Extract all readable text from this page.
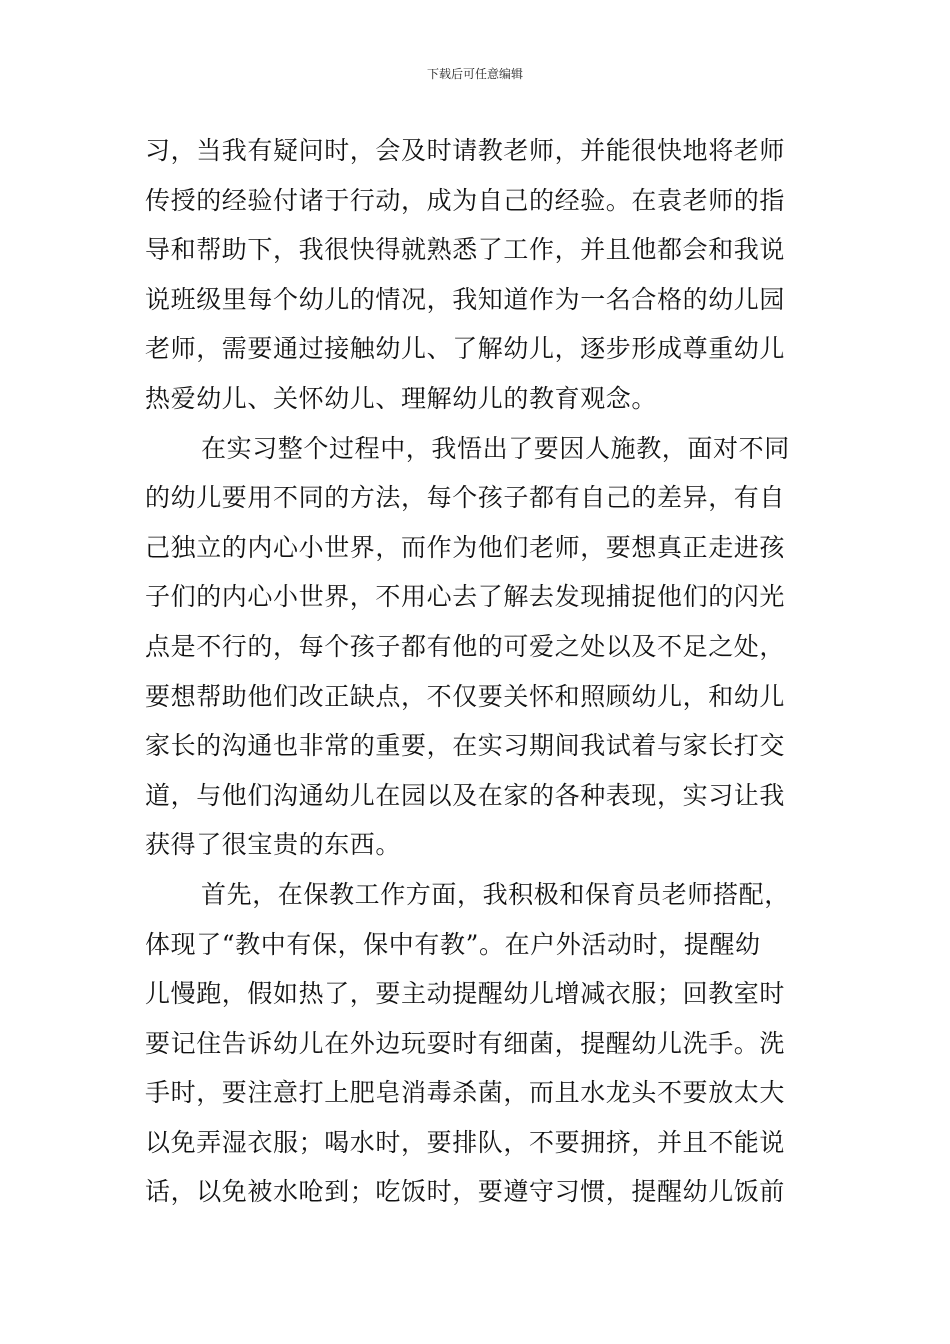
下载后可任意编辑
习，当我有疑问时，会及时请教老师，并能很快地将老师
传授的经验付诸于行动，成为自己的经验。在袁老师的指
导和帮助下，我很快得就熟悉了工作，并且他都会和我说
说班级里每个幼儿的情况，我知道作为一名合格的幼儿园
老师，需要通过接触幼儿、了解幼儿，逐步形成尊重幼儿
热爱幼儿、关怀幼儿、理解幼儿的教育观念。
在实习整个过程中，我悟出了要因人施教，面对不同
的幼儿要用不同的方法，每个孩子都有自己的差异，有自
己独立的内心小世界，而作为他们老师，要想真正走进孩
子们的内心小世界，不用心去了解去发现捕捉他们的闪光
点是不行的，每个孩子都有他的可爱之处以及不足之处，
要想帮助他们改正缺点，不仅要关怀和照顾幼儿，和幼儿
家长的沟通也非常的重要，在实习期间我试着与家长打交
道，与他们沟通幼儿在园以及在家的各种表现，实习让我
获得了很宝贵的东西。
首先，在保教工作方面，我积极和保育员老师搭配，
体现了“教中有保，保中有教”。在户外活动时，提醒幼
儿慢跑，假如热了，要主动提醒幼儿增减衣服；回教室时
要记住告诉幼儿在外边玩耍时有细菌，提醒幼儿洗手。洗
手时，要注意打上肥皂消毒杀菌，而且水龙头不要放太大
以免弄湿衣服；喝水时，要排队，不要拥挤，并且不能说
话，以免被水呛到；吃饭时，要遵守习惯，提醒幼儿饭前
